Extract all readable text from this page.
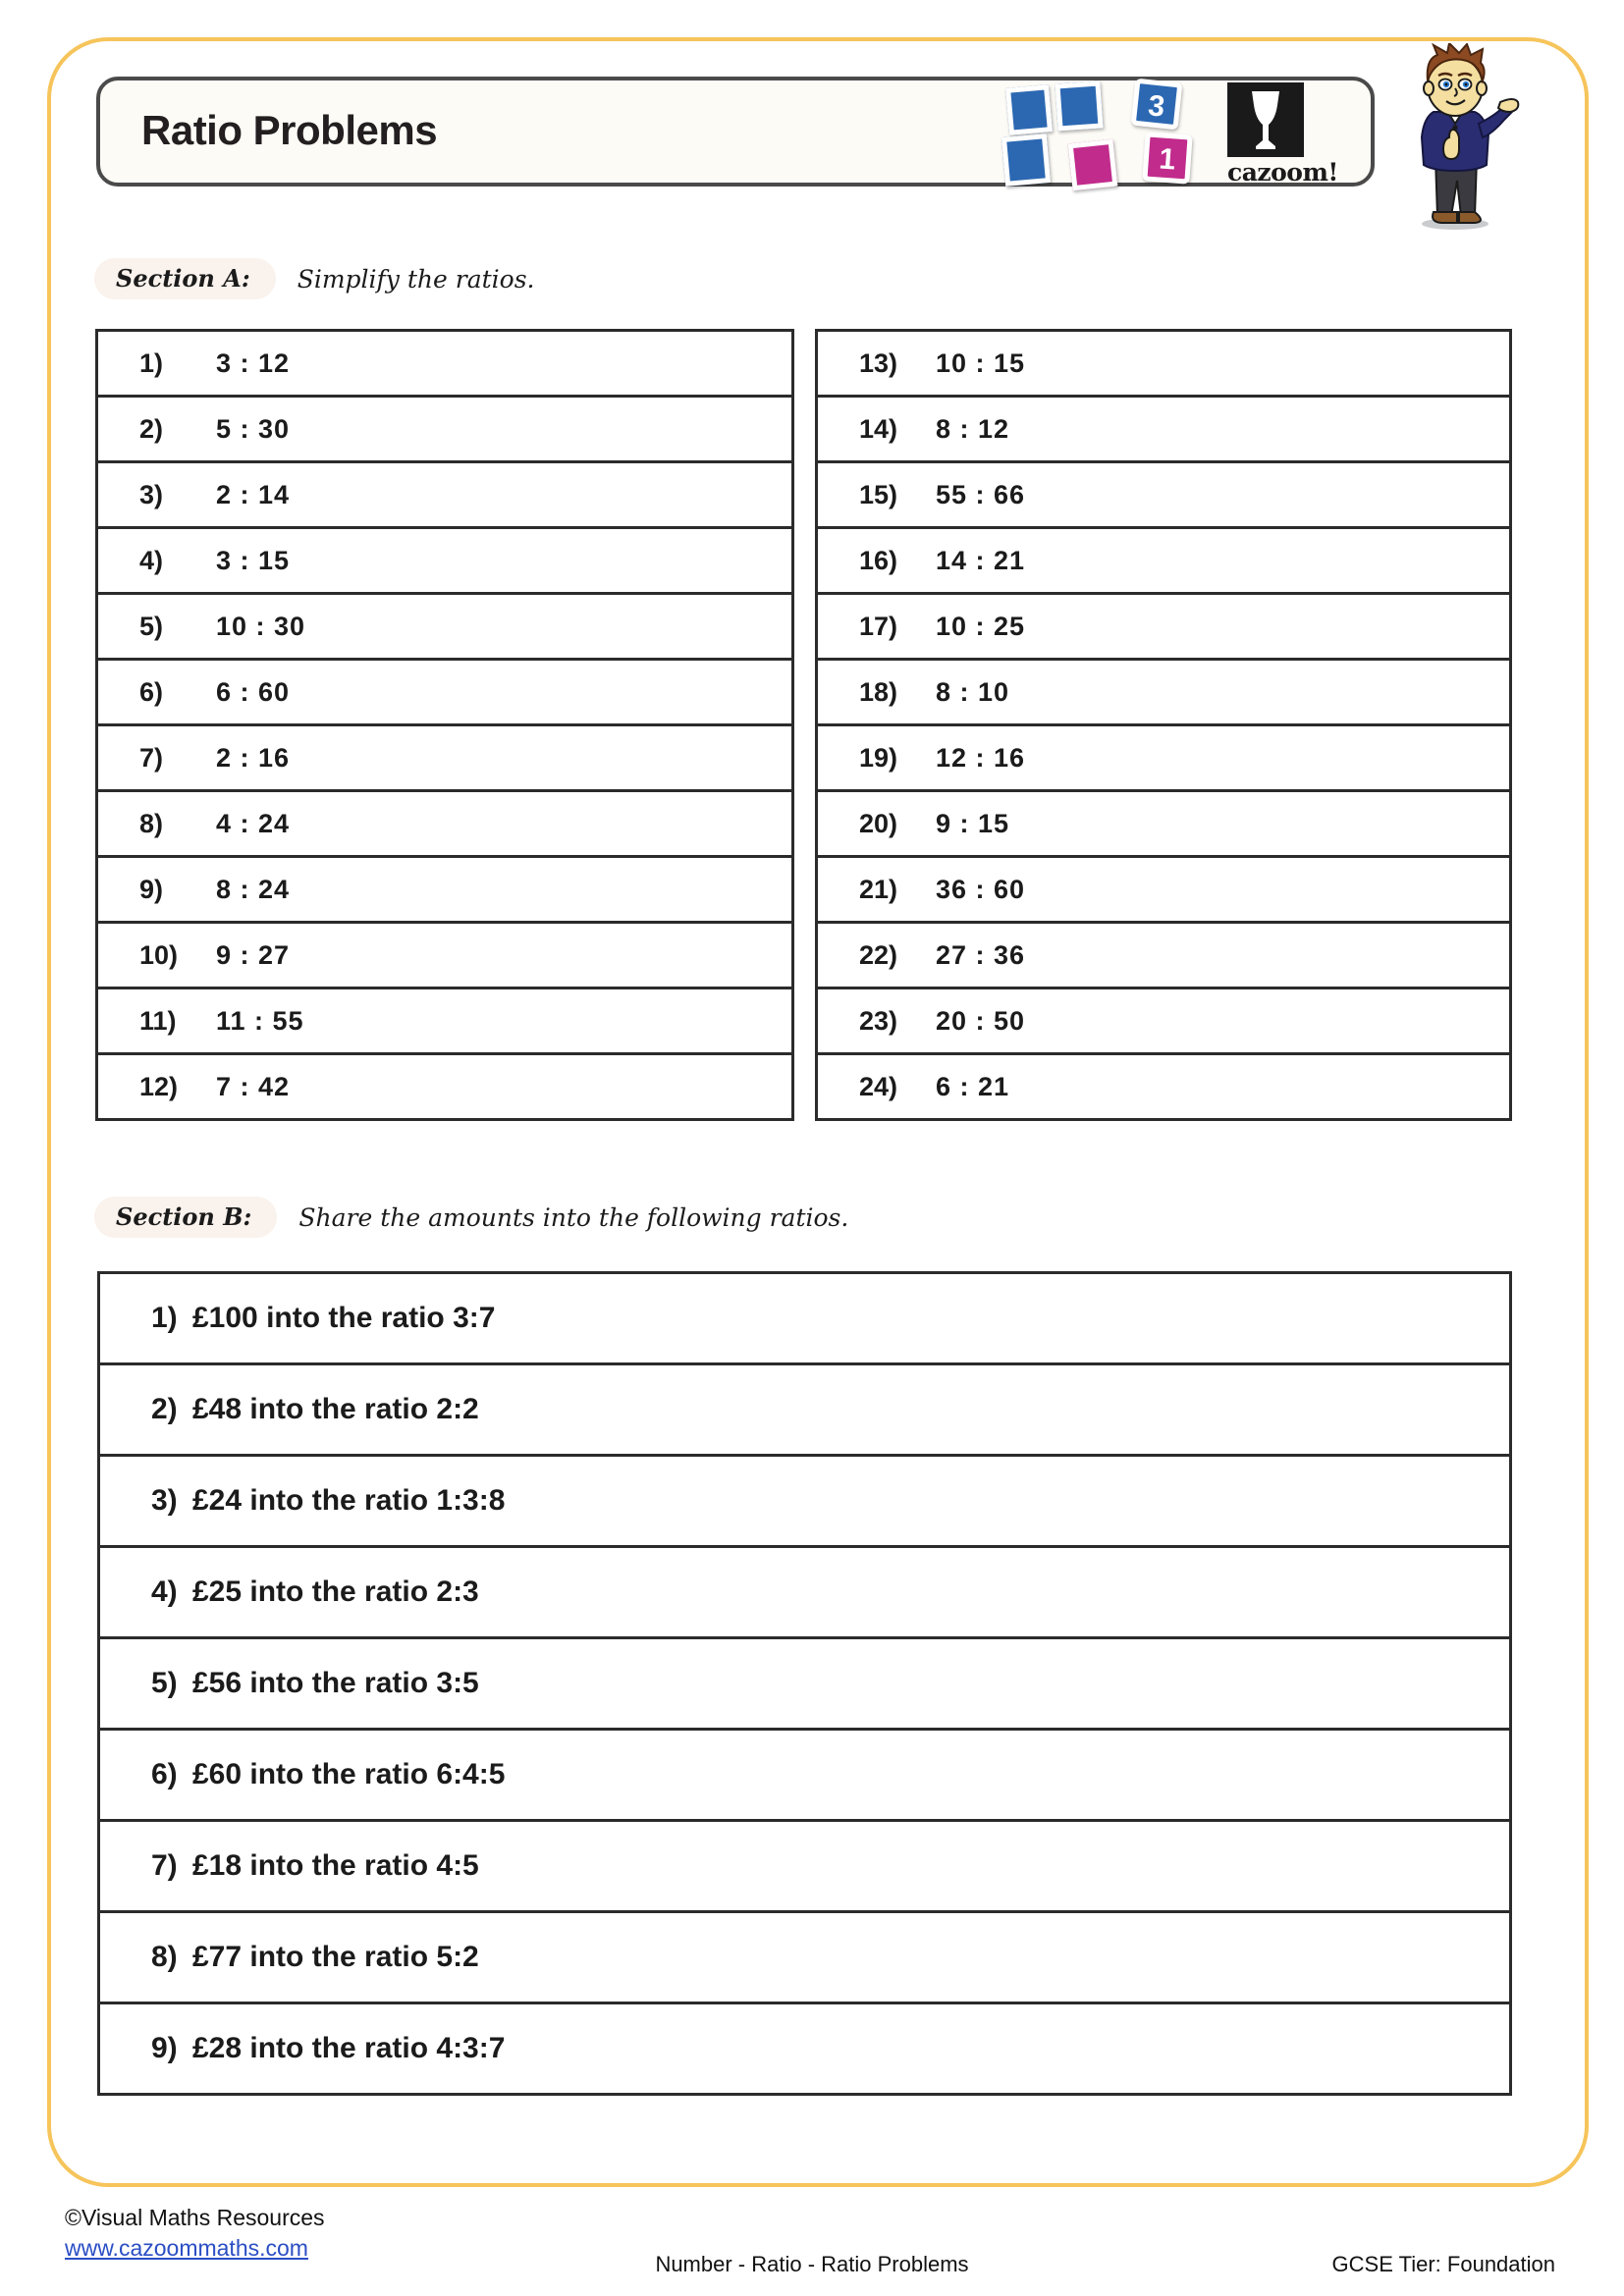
Ratio Problems
3
1	cazoom!
Section A:	Simplify the ratios.
1)	3 : 12
2)	5 : 30
3)	2 : 14
4)	3 : 15
5)	10 : 30
6)	6 : 60
7)	2 : 16
8)	4 : 24
9)	8 : 24
10)	9 : 27
11)	11 : 55
12)	7 : 42
13)	10 : 15
14)	8 : 12
15)	55 : 66
16)	14 : 21
17)	10 : 25
18)	8 : 10
19)	12 : 16
20)	9 : 15
21)	36 : 60
22)	27 : 36
23)	20 : 50
24)	6 : 21
Section B:	Share the amounts into the following ratios.
1) £100 into the ratio 3:7
2) £48 into the ratio 2:2
3) £24 into the ratio 1:3:8
4) £25 into the ratio 2:3
5) £56 into the ratio 3:5
6) £60 into the ratio 6:4:5
7) £18 into the ratio 4:5
8) £77 into the ratio 5:2
9) £28 into the ratio 4:3:7
©Visual Maths Resources
www.cazoommaths.com
Number - Ratio - Ratio Problems	GCSE Tier: Foundation
